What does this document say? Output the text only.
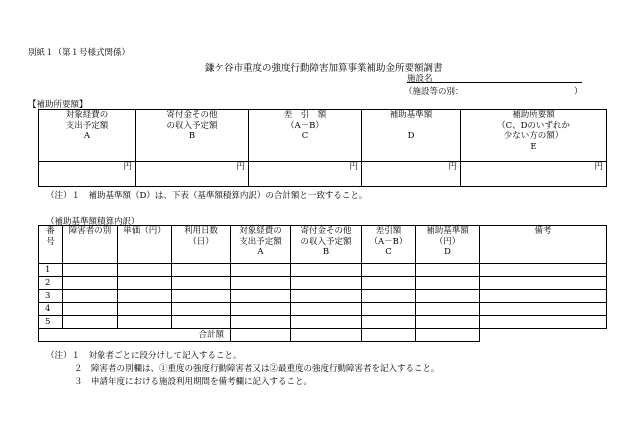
別紙１（第１号様式関係）
鎌ケ谷市重度の強度行動障害加算事業補助金所要額調書
施設名
（施設等の別：	）
【補助所要額】
対象経費の
支出予定額
A	寄付金その他
の収入予定額
B	差　引　額
（A－B）
C	補助基準額

D	補助所要額
（C、Dのいずれか
少ない方の額）
E

円	円	円	円	円
（注）１　補助基準額（D）は、下表（基準額積算内訳）の合計額と一致すること。
（補助基準額積算内訳）
番
号	障害者の別	単価（円）	利用日数
（日）	対象経費の
支出予定額
A	寄付金その他
の収入予定額
B	差引額
（A－B）
C	補助基準額
（円）
D	備考
1								
2								
3								
4								
5								
合計額								
（注）１　対象者ごとに段分けして記入すること。
２　障害者の別欄は、①重度の強度行動障害者又は②最重度の強度行動障害者を記入すること。
３　申請年度における施設利用期間を備考欄に記入すること。
